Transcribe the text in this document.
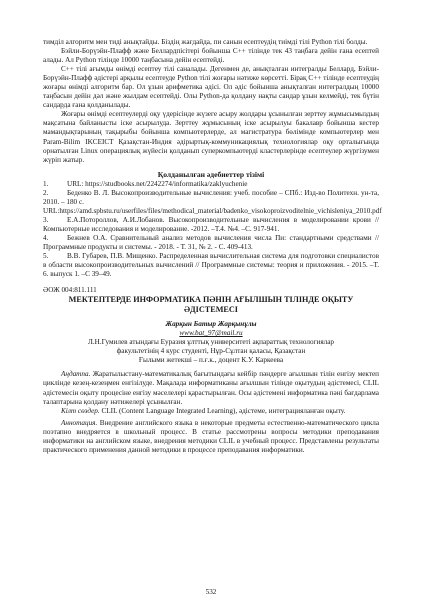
тимділ алгоритм мен тиді анықтайды. Біздің жағдайда, пи санын есептеудің тиімді тілі Python тілі болды.

Бэйли-Борүэйн-Плафф және Беллардпісітері бойынша С++ тілінде тек 43 таңбаға дейін ғана есептей алады. Ал Python тілінде 10000 таңбасына дейін есептейді.

С++ тілі ағымды өнімді есептеу тілі саналады. Дегенмен де, анықталған интегралды Беллард, Бэйли-Борүэйн-Плафф әдістері арқылы есептеуде Python тілі жоғары нәтиже көрсетті. Бірақ С++ тілінде есептеудің жоғары өнімді алгоритм бар. Ол ұзын арифметика әдісі. Ол әдіс бойынша анықталған интегралдың 10000 таңбасын дейін дәл және жылдам есептейді. Олы Python-да қолдану нақты сандар ұзын келмейді, тек бүтін сандарда ғана қолданылады.

Жоғары өнімді есептеулерді оқу үдерісінде жүзеге асыру жолдары ұсынылған зерттеу жұмысымыздың мақсатына байланысты іске асырылуда. Зерттеу жұмысының іске асырылуы бакалавр бойынша кестер мамандықтарының тақырыбы бойынша компьютерлерде, ал магистратура бөлімінде компьютерлер мен Param-Bilim IKCEICT Қазақстан-Индия әдірыртық-коммуникациялық технологиялар оқу орталығында орнатылған Linux операциялық жүйесін қолданып суперкомпьютерді кластерлерінде есептеулер жүргізумен жүріп жатыр.

Қолданылған әдебиеттер тізімі

1.	URL: https://studbooks.net/2242274/informatika/zaklyuchenie

2.	Беденко В. Л. Высокопроизводительные вычисления: учеб. пособие – СПб.: Изд-во Политехн. ун-та, 2010. – 180 с.

URL:https://amd.spbstu.ru/userfiles/files/methodical_material/badenko_visokoproizvoditelnie_vichisleniya_2010.pdf

3.	Е.А.Потороллов, А.И.Лобанов. Высокопроизводительные вычисления в моделировании крови //Компьютерные исследования и моделирование. -2012. –Т.4. №4. –С. 917-941.

4.	Бежнев О.А. Сравнительный анализ методов вычисления числа Пи: стандартными средствами // Программные продукты и системы. - 2018. - Т. 31, № 2. - С. 409-413.

5.	В.В. Губарев, П.В. Мищенко. Распределенная вычислительная система для подготовки специалистов в области высокопроизводительных вычислений // Программные системы: теория и приложения. - 2015. –Т. 6. выпуск 1. –С 39–49.

ӘОЖ 004:811.111
МЕКТЕПТЕРДЕ ИНФОРМАТИКА ПӘНІН АҒЫЛШЫН ТІЛІНДЕ ОҚЫТУ
ӘДІСТЕМЕСІ
Жарқын Батыр Жарқынұлы
www.bat_97@mail.ru
Л.Н.Гумилев атындағы Еуразия ұлттық университеті ақпараттық технологиялар
факультетінің 4 курс студенті, Нұр-Сұлтан қаласы, Қазақстан
Ғылыми жетекші – п.ғ.к., доцент К.У. Каркеева

Аңдатпа. Жаратылыстану-математикалық бағытындағы кейбір пәндерге ағылшын тілін енгізу мектеп циклінде кезең-кезеңмен енгізілуде. Мақалада информатиканы ағылшын тілінде оқытудың әдістемесі, CLIL әдістемесін оқыту процесіне енгізу мәселелері қарастырылған. Осы әдістемені информатика пәні бағдарлама талаптарына қолдану нәтижелері ұсынылған.

Кілт сөздер. CLIL (Content Language Integrated Learning), әдістеме, интеграцияланған оқыту.

Аннотация. Внедрение английского языка в некоторые предметы естественно-математического цикла поэтапно внедряется в школьный процесс. В статье рассмотрены вопросы методики преподавания информатики на английском языке, внедрения методики CLIL в учебный процесс. Представлены результаты практического применения данной методики в процессе преподавания информатики.

532
